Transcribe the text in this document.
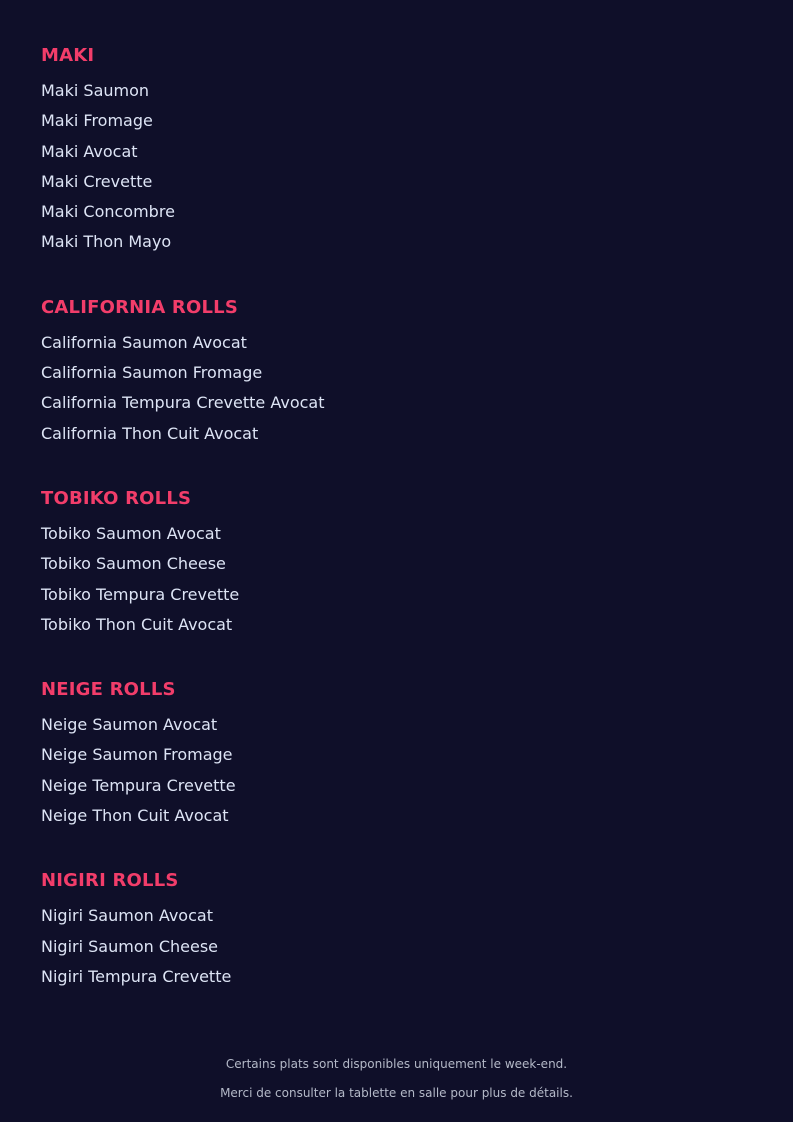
MAKI
Maki Saumon
Maki Fromage
Maki Avocat
Maki Crevette
Maki Concombre
Maki Thon Mayo
CALIFORNIA ROLLS
California Saumon Avocat
California Saumon Fromage
California Tempura Crevette Avocat
California Thon Cuit Avocat
TOBIKO ROLLS
Tobiko Saumon Avocat
Tobiko Saumon Cheese
Tobiko Tempura Crevette
Tobiko Thon Cuit Avocat
NEIGE ROLLS
Neige Saumon Avocat
Neige Saumon Fromage
Neige Tempura Crevette
Neige Thon Cuit Avocat
NIGIRI ROLLS
Nigiri Saumon Avocat
Nigiri Saumon Cheese
Nigiri Tempura Crevette
Certains plats sont disponibles uniquement le week-end.
Merci de consulter la tablette en salle pour plus de détails.
